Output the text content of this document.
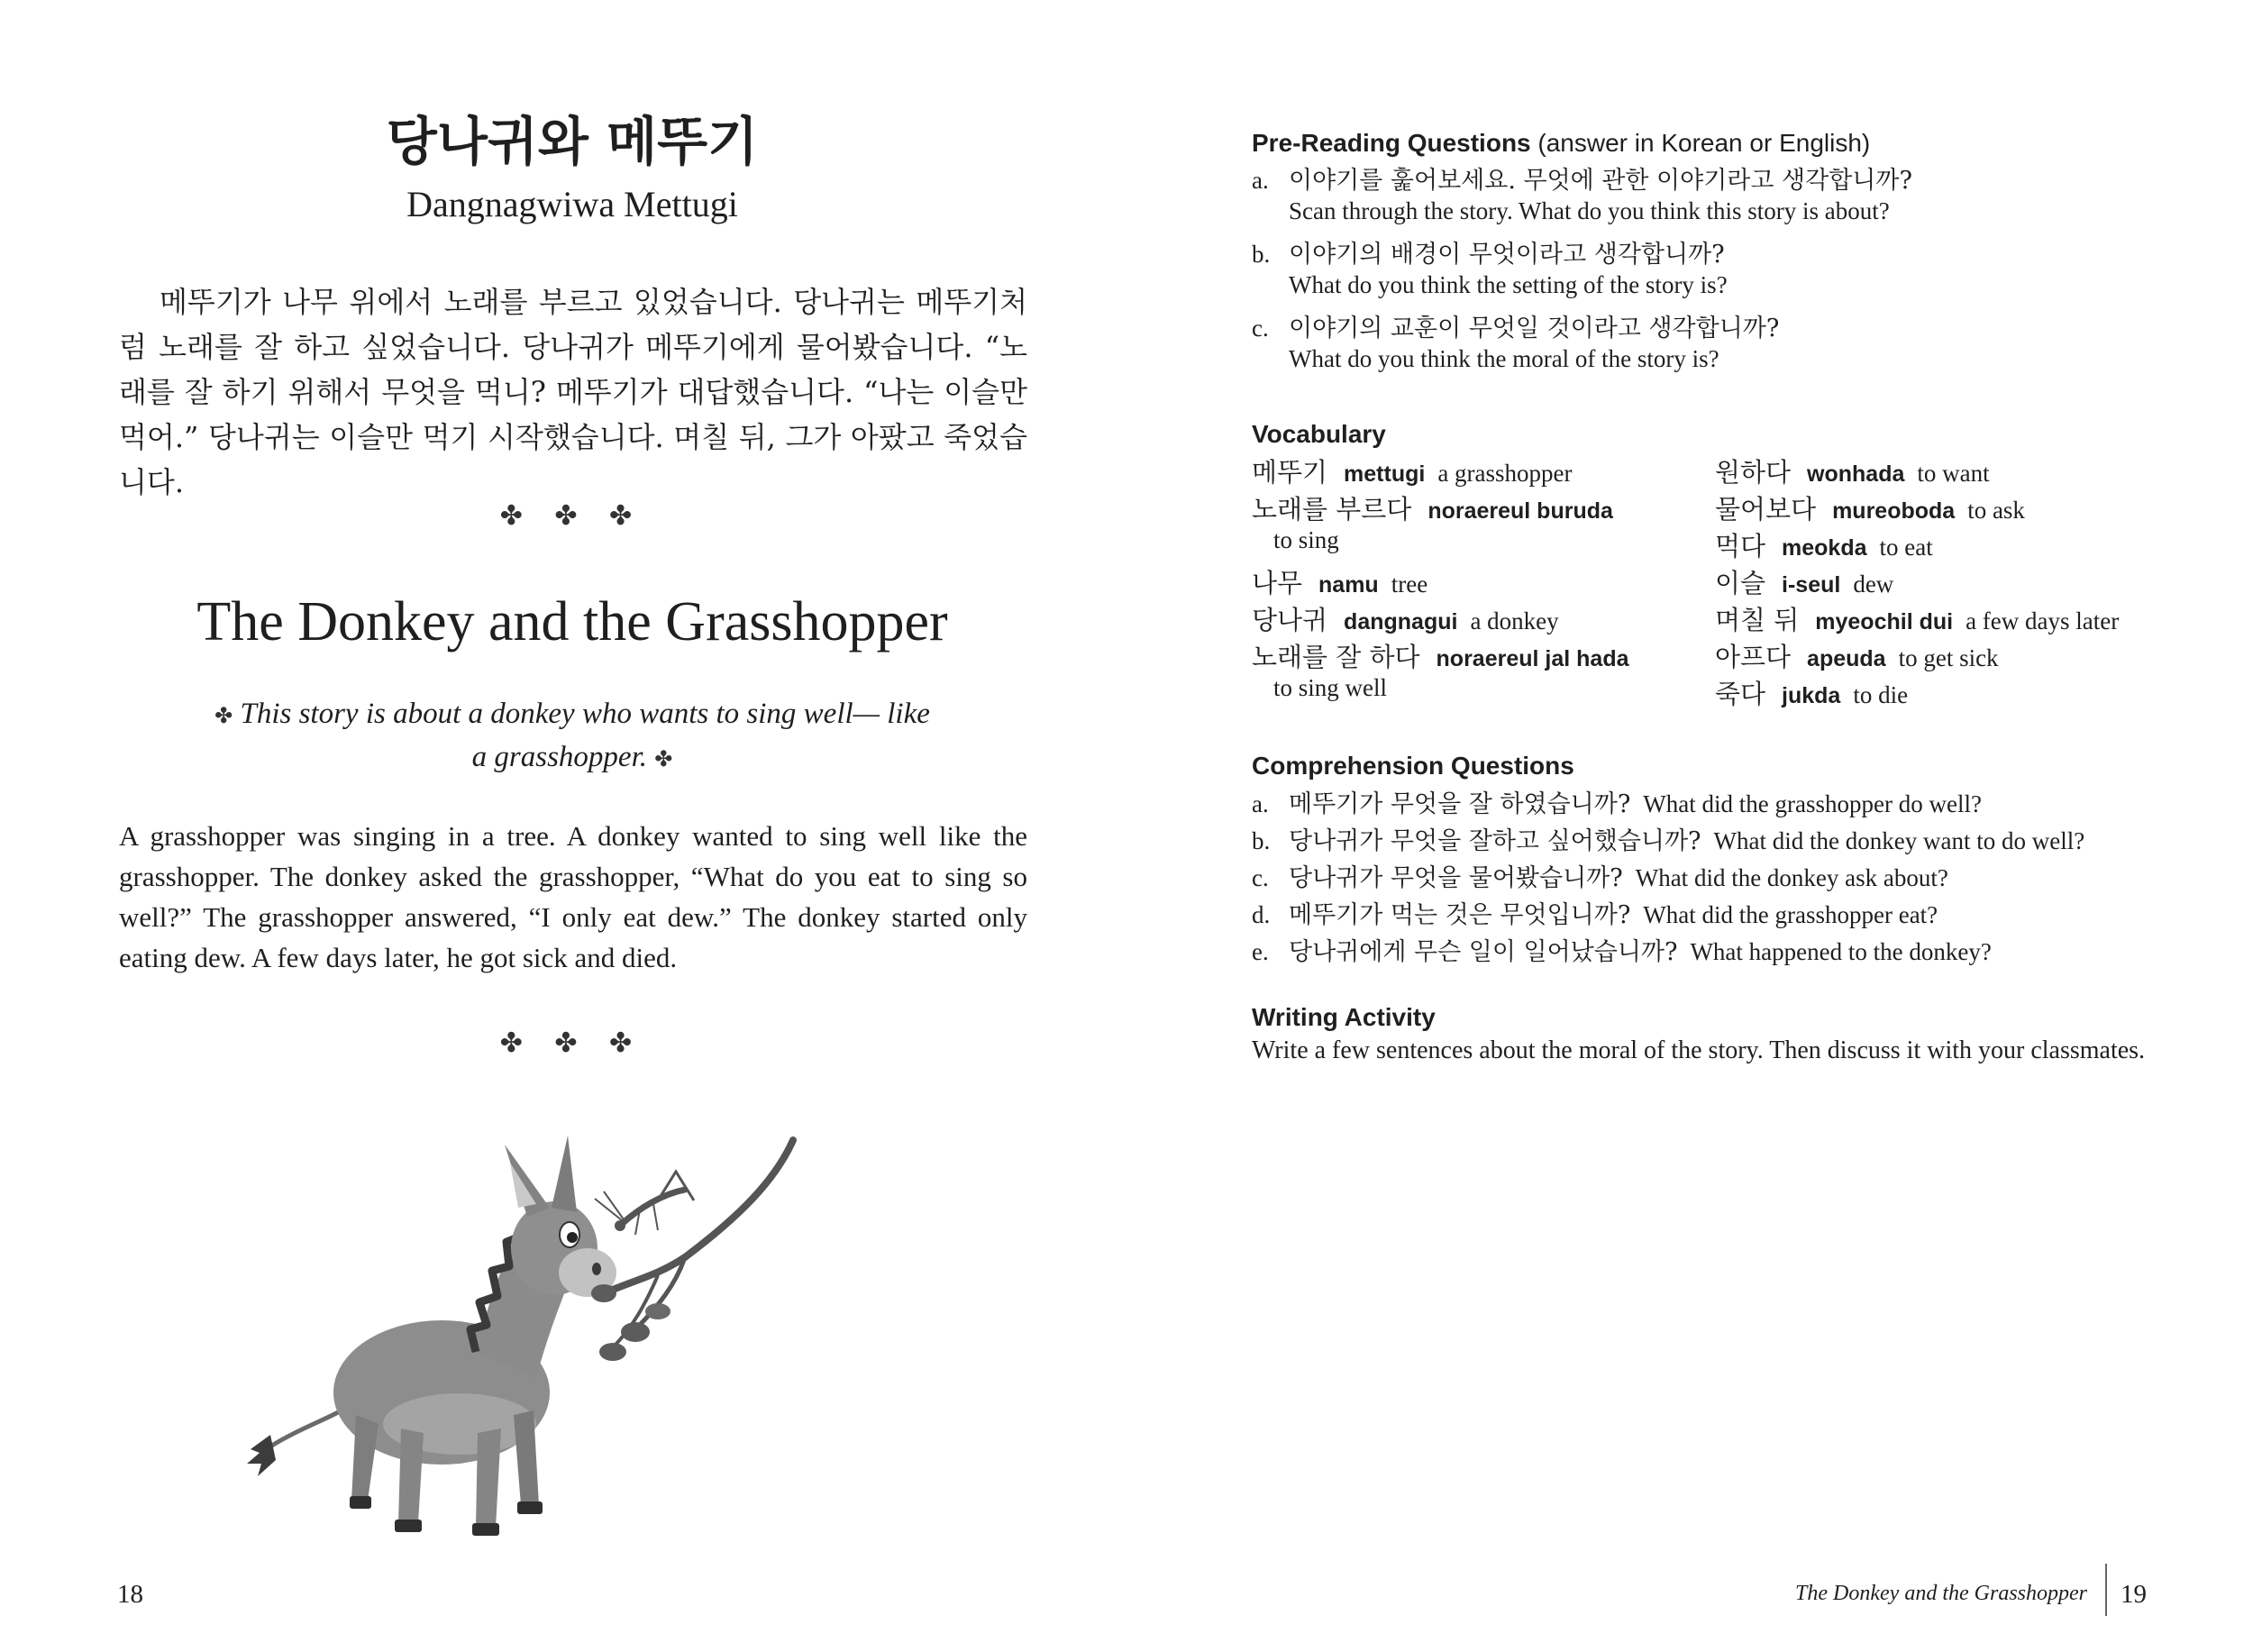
당나귀와 메뚜기
Dangnagwiwa Mettugi
메뚜기가 나무 위에서 노래를 부르고 있었습니다. 당나귀는 메뚜기처럼 노래를 잘 하고 싶었습니다. 당나귀가 메뚜기에게 물어봤습니다. “노래를 잘 하기 위해서 무엇을 먹니? 메뚜기가 대답했습니다. “나는 이슬만 먹어.” 당나귀는 이슬만 먹기 시작했습니다. 며칠 뒤, 그가 아팠고 죽었습니다.
✤ ✤ ✤
The Donkey and the Grasshopper
✤ This story is about a donkey who wants to sing well— like a grasshopper. ✤
A grasshopper was singing in a tree. A donkey wanted to sing well like the grasshopper. The donkey asked the grasshopper, “What do you eat to sing so well?” The grasshopper answered, “I only eat dew.” The donkey started only eating dew. A few days later, he got sick and died.
✤ ✤ ✤
18
Pre-Reading Questions (answer in Korean or English)
a. 이야기를 훑어보세요. 무엇에 관한 이야기라고 생각합니까?
Scan through the story. What do you think this story is about?
b. 이야기의 배경이 무엇이라고 생각합니까?
What do you think the setting of the story is?
c. 이야기의 교훈이 무엇일 것이라고 생각합니까?
What do you think the moral of the story is?
Vocabulary
메뚜기 mettugi a grasshopper
노래를 부르다 noraereul buruda
to sing
나무 namu tree
당나귀 dangnagui a donkey
노래를 잘 하다 noraereul jal hada
to sing well
원하다 wonhada to want
물어보다 mureoboda to ask
먹다 meokda to eat
이슬 i-seul dew
며칠 뒤 myeochil dui a few days later
아프다 apeuda to get sick
죽다 jukda to die
Comprehension Questions
a. 메뚜기가 무엇을 잘 하였습니까? What did the grasshopper do well?
b. 당나귀가 무엇을 잘하고 싶어했습니까? What did the donkey want to do well?
c. 당나귀가 무엇을 물어봤습니까? What did the donkey ask about?
d. 메뚜기가 먹는 것은 무엇입니까? What did the grasshopper eat?
e. 당나귀에게 무슨 일이 일어났습니까? What happened to the donkey?
Writing Activity
Write a few sentences about the moral of the story. Then discuss it with your classmates.
The Donkey and the Grasshopper 19
